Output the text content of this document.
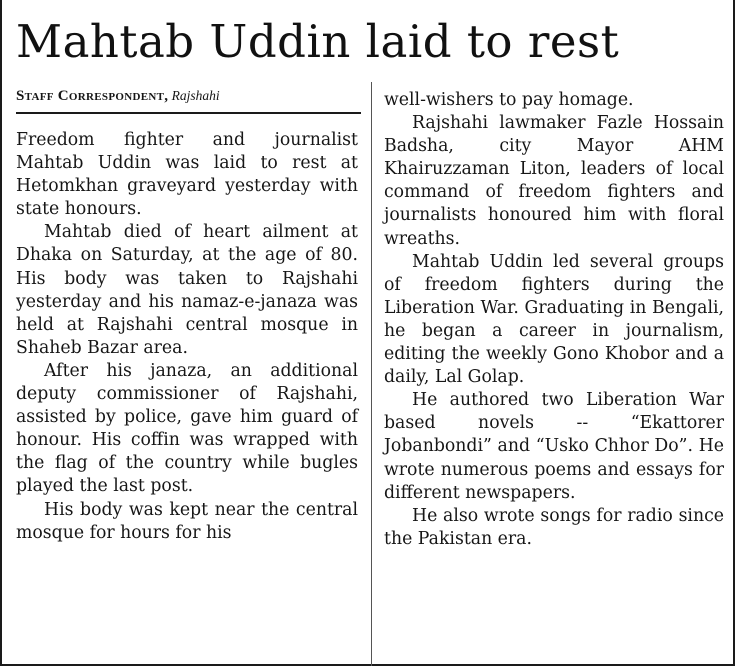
Mahtab Uddin laid to rest
Staff Correspondent, Rajshahi

Freedom fighter and journalist Mahtab Uddin was laid to rest at Hetomkhan graveyard yesterday with state honours.

Mahtab died of heart ailment at Dhaka on Saturday, at the age of 80. His body was taken to Rajshahi yesterday and his namaz-e-janaza was held at Rajshahi central mosque in Shaheb Bazar area.

After his janaza, an additional deputy commissioner of Rajshahi, assisted by police, gave him guard of honour. His coffin was wrapped with the flag of the country while bugles played the last post.

His body was kept near the central mosque for hours for his

well-wishers to pay homage.

Rajshahi lawmaker Fazle Hossain Badsha, city Mayor AHM Khairuzzaman Liton, leaders of local command of freedom fighters and journalists honoured him with floral wreaths.

Mahtab Uddin led several groups of freedom fighters during the Liberation War. Graduating in Bengali, he began a career in journalism, editing the weekly Gono Khobor and a daily, Lal Golap.

He authored two Liberation War based novels -- “Ekattorer Jobanbondi” and “Usko Chhor Do”. He wrote numerous poems and essays for different newspapers.

He also wrote songs for radio since the Pakistan era.
